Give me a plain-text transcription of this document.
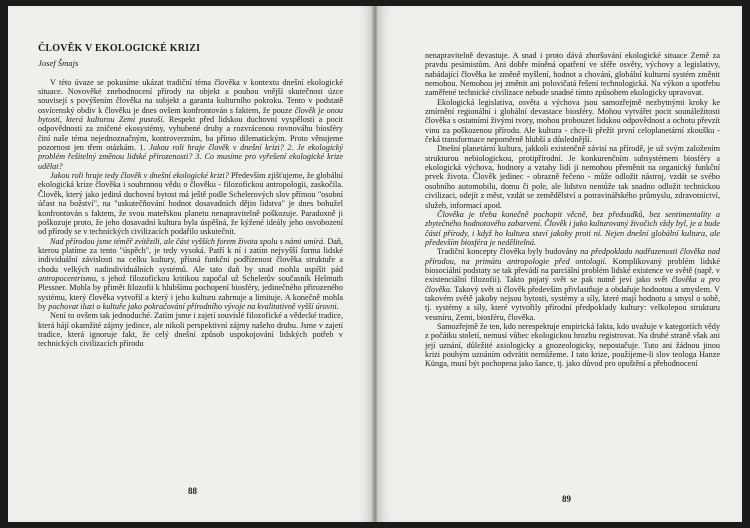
ČLOVĚK V EKOLOGICKÉ KRIZI
Josef Šmajs

V této úvaze se pokusíme ukázat tradiční téma člověka v kontextu dnešní ekologické situace. Novověké znehodnocení přírody na objekt a pouhou vnější skutečnost úzce souvisejí s povýšením člověka na subjekt a garanta kulturního pokroku. Tento v podstatě osvícenský obdiv k člověku je dnes ovšem konfrontován s faktem, že pouze člověk je onou bytostí, která kulturou Zemi pustoší. Respekt před lidskou duchovní vyspělostí a pocit odpovědnosti za zničené ekosystémy, vyhubené druhy a rozvrácenou rovnováhu biosféry činí naše téma nejednoznačným, kontroverzním, ba přímo dilematickým. Proto věnujeme pozornost jen třem otázkám. 1. Jakou roli hraje člověk v dnešní krizi? 2. Je ekologický problém řešitelný změnou lidské přirozenosti? 3. Co musíme pro vyřešení ekologické krize udělat?

Jakou roli hraje tedy člověk v dnešní ekologické krizi? Především zjišťujeme, že globální ekologická krize člověka i souhrnnou vědu o člověku - filozofickou antropologii, zaskočila. Člověk, který jako jediná duchovní bytost má ještě podle Schelerových slov přímou "osobní účast na božství", na "uskutečňování hodnot dosavadních dějin lidstva" je dnes bohužel konfrontován s faktem, že svou mateřskou planetu nenapravitelně poškozuje. Paradoxně ji poškozuje proto, že jeho dosavadní kultura byla úspěšná, že kýžené ideály jeho osvobození od přírody se v technických civilizacích podařilo uskutečnit.

Nad přírodou jsme téměř zvítězili, ale část vyšších forem života spolu s námi umírá. Daň, kterou platíme za tento "úspěch", je tedy vysoká. Patří k ní i zatím nejvyšší forma lidské individuální závislosti na celku kultury, přísná funkční podřízenost člověka struktuře a chodu velkých nadindividuálních systémů. Ale tato daň by snad mohla uspíšit pád antropocentrismu, s jehož filozofickou kritikou započal už Schelerův současník Helmuth Plessner. Mohla by přimět filozofii k hlubšímu pochopení biosféry, jedinečného přirozeného systému, který člověka vytvořil a který i jeho kulturu zahrnuje a limituje. A konečně mohla by pochovat iluzi o kultuře jako pokračování přírodního vývoje na kvalitativně vyšší úrovni.

Není to ovšem tak jednoduché. Zatím jsme i zajetí souvislé filozofické a vědecké tradice, která hájí okamžité zájmy jedince, ale nikoli perspektivní zájmy našeho druhu. Jsme v zajetí tradice, která ignoruje fakt, že celý dnešní způsob uspokojování lidských potřeb v technických civilizacích přírodu

88

nenapravitelně devastuje. A snad i proto dává zhoršování ekologické situace Země za pravdu pesimistům. Ani dobře míněná opatření ve sféře osvěty, výchovy a legislativy, nabádající člověka ke změně myšlení, hodnot a chování, globální kulturní systém změnit nemohou. Nemohou jej změnit ani polovičatá řešení technologická. Na výkon a spotřebu zaměřené technické civilizace nebude snadné tímto způsobem ekologicky upravovat.

Ekologická legislativa, osvěta a výchova jsou samozřejmě nezbytnými kroky ke zmírnění regionální i globální devastace biosféry. Mohou vytvářet pocit sounáležitosti člověka s ostatními živými tvory, mohou probouzet lidskou odpovědnost a ochotu převzít vinu za poškozenou přírodu. Ale kultura - chce-li přežít první celoplanetární zkoušku - čeká transformace nepoměrně hlubší a důslednější.

Dnešní planetární kultura, jakkoli existenčně závisí na přírodě, je už svým založením strukturou nebiologickou, protipřírodní. Je konkurenčním subsystémem biosféry a ekologická výchova, hodnoty a vztahy lidí ji nemohou přeměnit na organický funkční prvek života. Člověk jedinec - obrazně řečeno - může odložit nástroj, vzdát se svého osobního automobilu, domu či pole, ale lidstvo nemůže tak snadno odložit technickou civilizaci, odejít z měst, vzdát se zemědělství a potravinářského průmyslu, zdravotnictví, služeb, informací apod.

Člověka je třeba konečně pochopit věcně, bez předsudků, bez sentimentality a zbytečného hodnotového zabarvení. Člověk i jako kulturovaný živočich vždy byl, je a bude částí přírody, i když ho kultura staví jakoby proti ní. Nejen dnešní globální kultura, ale především biosféra je nedělitelná.

Tradiční koncepty člověka byly budovány na předpokladu nadřazenosti člověka nad přírodou, na primátu antropologie před ontologií. Komplikovaný problém lidské biosociální podstaty se tak převádí na parciální problém lidské existence ve světě (např. v existenciální filozofii). Takto pojatý svět se pak nutně jeví jako svět člověka a pro člověka. Takový svět si člověk především přivlastňuje a obdařuje hodnotou a smyslem. V takovém světě jakoby nejsou bytosti, systémy a síly, které mají hodnotu a smysl o sobě, tj. systémy a síly, které vytvořily přírodní předpoklady kultury: velkolepou strukturu vesmíru, Zemi, biosféru, člověka.

Samozřejmě že ten, kdo nerespektuje empirická fakta, kdo uvažuje v kategoriích vědy z počátku století, nemusí vůbec ekologickou hrozbu registrovat. Na druhé straně však ani její uznání, důležité axiologicky a gnozeologicky, nepostačuje. Tuto ani žádnou jinou krizi pouhým uznáním odvrátit nemůžeme. I tato krize, použijeme-li slov teologa Hanze Künga, musí být pochopena jako šance, tj. jako důvod pro opuštění a přehodnocení

89
